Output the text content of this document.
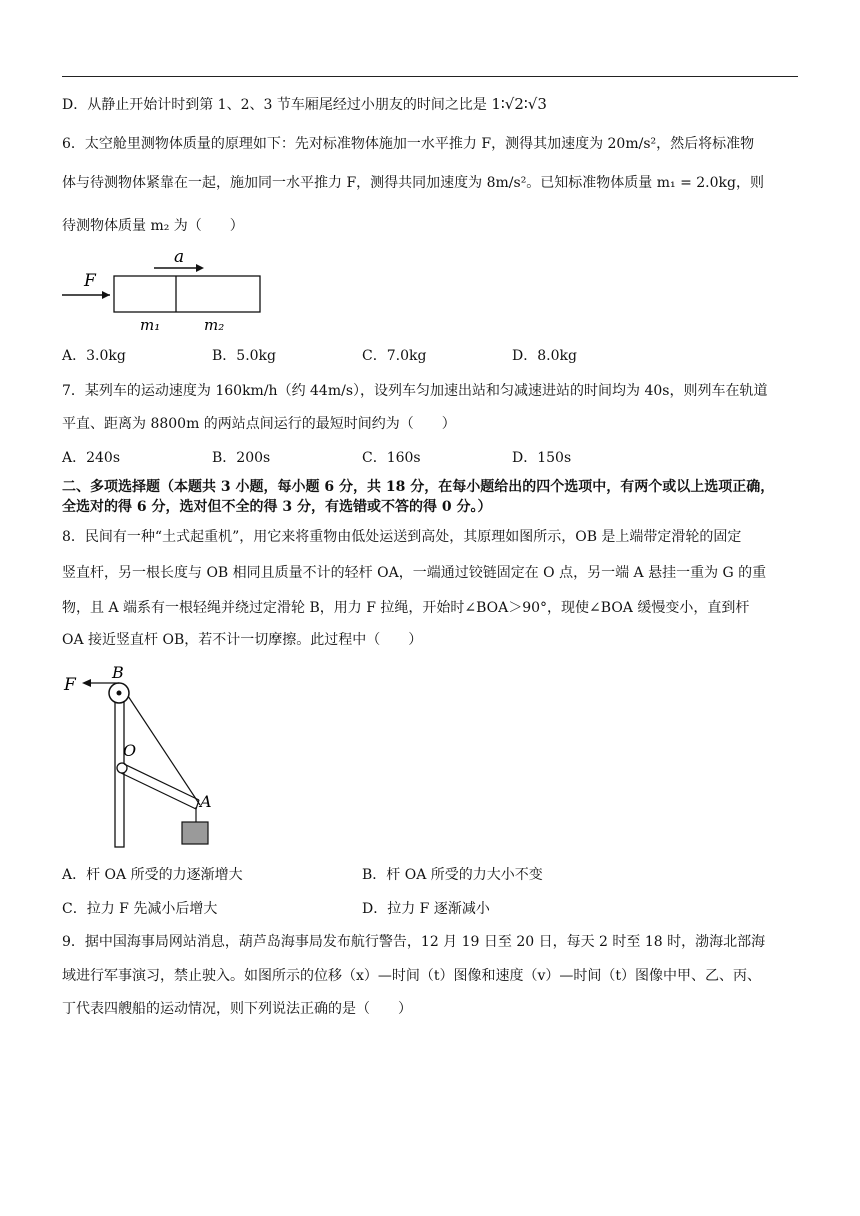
D．从静止开始计时到第 1、2、3 节车厢尾经过小朋友的时间之比是 1∶√2∶√3
6．太空舱里测物体质量的原理如下：先对标准物体施加一水平推力 F，测得其加速度为 20m/s²，然后将标准物
体与待测物体紧靠在一起，施加同一水平推力 F，测得共同加速度为 8m/s²。已知标准物体质量 m₁ = 2.0kg，则
待测物体质量 m₂ 为（　　）
F
a
m₁	m₂
A．3.0kg	B．5.0kg	C．7.0kg	D．8.0kg
7．某列车的运动速度为 160km/h（约 44m/s），设列车匀加速出站和匀减速进站的时间均为 40s，则列车在轨道
平直、距离为 8800m 的两站点间运行的最短时间约为（　　）
A．240s	B．200s	C．160s	D．150s
二、多项选择题（本题共 3 小题，每小题 6 分，共 18 分，在每小题给出的四个选项中，有两个或以上选项正确，
全选对的得 6 分，选对但不全的得 3 分，有选错或不答的得 0 分。）
8．民间有一种“土式起重机”，用它来将重物由低处运送到高处，其原理如图所示，OB 是上端带定滑轮的固定
竖直杆，另一根长度与 OB 相同且质量不计的轻杆 OA，一端通过铰链固定在 O 点，另一端 A 悬挂一重为 G 的重
物，且 A 端系有一根轻绳并绕过定滑轮 B，用力 F 拉绳，开始时∠BOA＞90°，现使∠BOA 缓慢变小，直到杆
OA 接近竖直杆 OB，若不计一切摩擦。此过程中（　　）
F
B
O
A
A．杆 OA 所受的力逐渐增大	B．杆 OA 所受的力大小不变
C．拉力 F 先减小后增大	D．拉力 F 逐渐减小
9．据中国海事局网站消息，葫芦岛海事局发布航行警告，12 月 19 日至 20 日，每天 2 时至 18 时，渤海北部海
域进行军事演习，禁止驶入。如图所示的位移（x）—时间（t）图像和速度（v）—时间（t）图像中甲、乙、丙、
丁代表四艘船的运动情况，则下列说法正确的是（　　）
